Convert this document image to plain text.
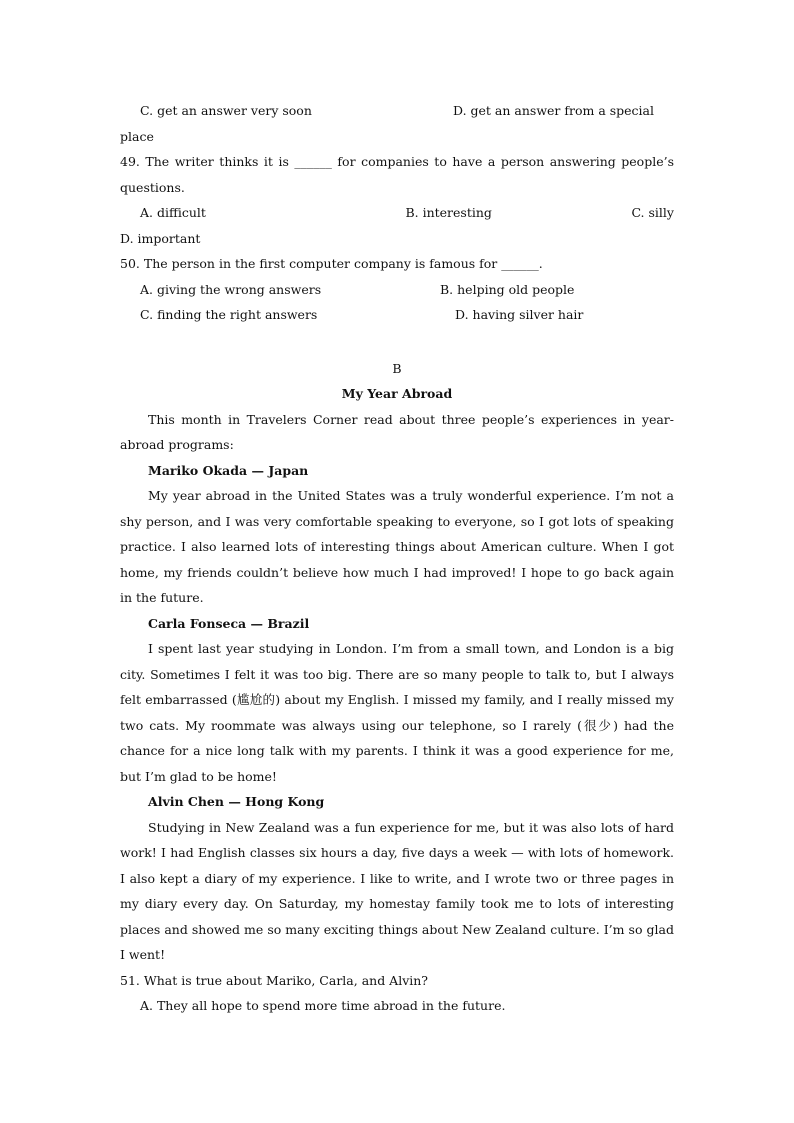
C. get an answer very soon	D. get an answer from a special
place
49. The writer thinks it is ______ for companies to have a person answering people’s questions.
A. difficult	B. interesting	C. silly
D. important
50. The person in the first computer company is famous for ______.
A. giving the wrong answers	B. helping old people
C. finding the right answers	D. having silver hair
B
My Year Abroad
This month in Travelers Corner read about three people’s experiences in year-abroad programs:
Mariko Okada — Japan
My year abroad in the United States was a truly wonderful experience. I’m not a shy person, and I was very comfortable speaking to everyone, so I got lots of speaking practice. I also learned lots of interesting things about American culture. When I got home, my friends couldn’t believe how much I had improved! I hope to go back again in the future.
Carla Fonseca — Brazil
I spent last year studying in London. I’m from a small town, and London is a big city. Sometimes I felt it was too big. There are so many people to talk to, but I always felt embarrassed (尴尬的) about my English. I missed my family, and I really missed my two cats. My roommate was always using our telephone, so I rarely (很少) had the chance for a nice long talk with my parents. I think it was a good experience for me, but I’m glad to be home!
Alvin Chen — Hong Kong
Studying in New Zealand was a fun experience for me, but it was also lots of hard work! I had English classes six hours a day, five days a week — with lots of homework. I also kept a diary of my experience. I like to write, and I wrote two or three pages in my diary every day. On Saturday, my homestay family took me to lots of interesting places and showed me so many exciting things about New Zealand culture. I’m so glad I went!
51. What is true about Mariko, Carla, and Alvin?
A. They all hope to spend more time abroad in the future.
